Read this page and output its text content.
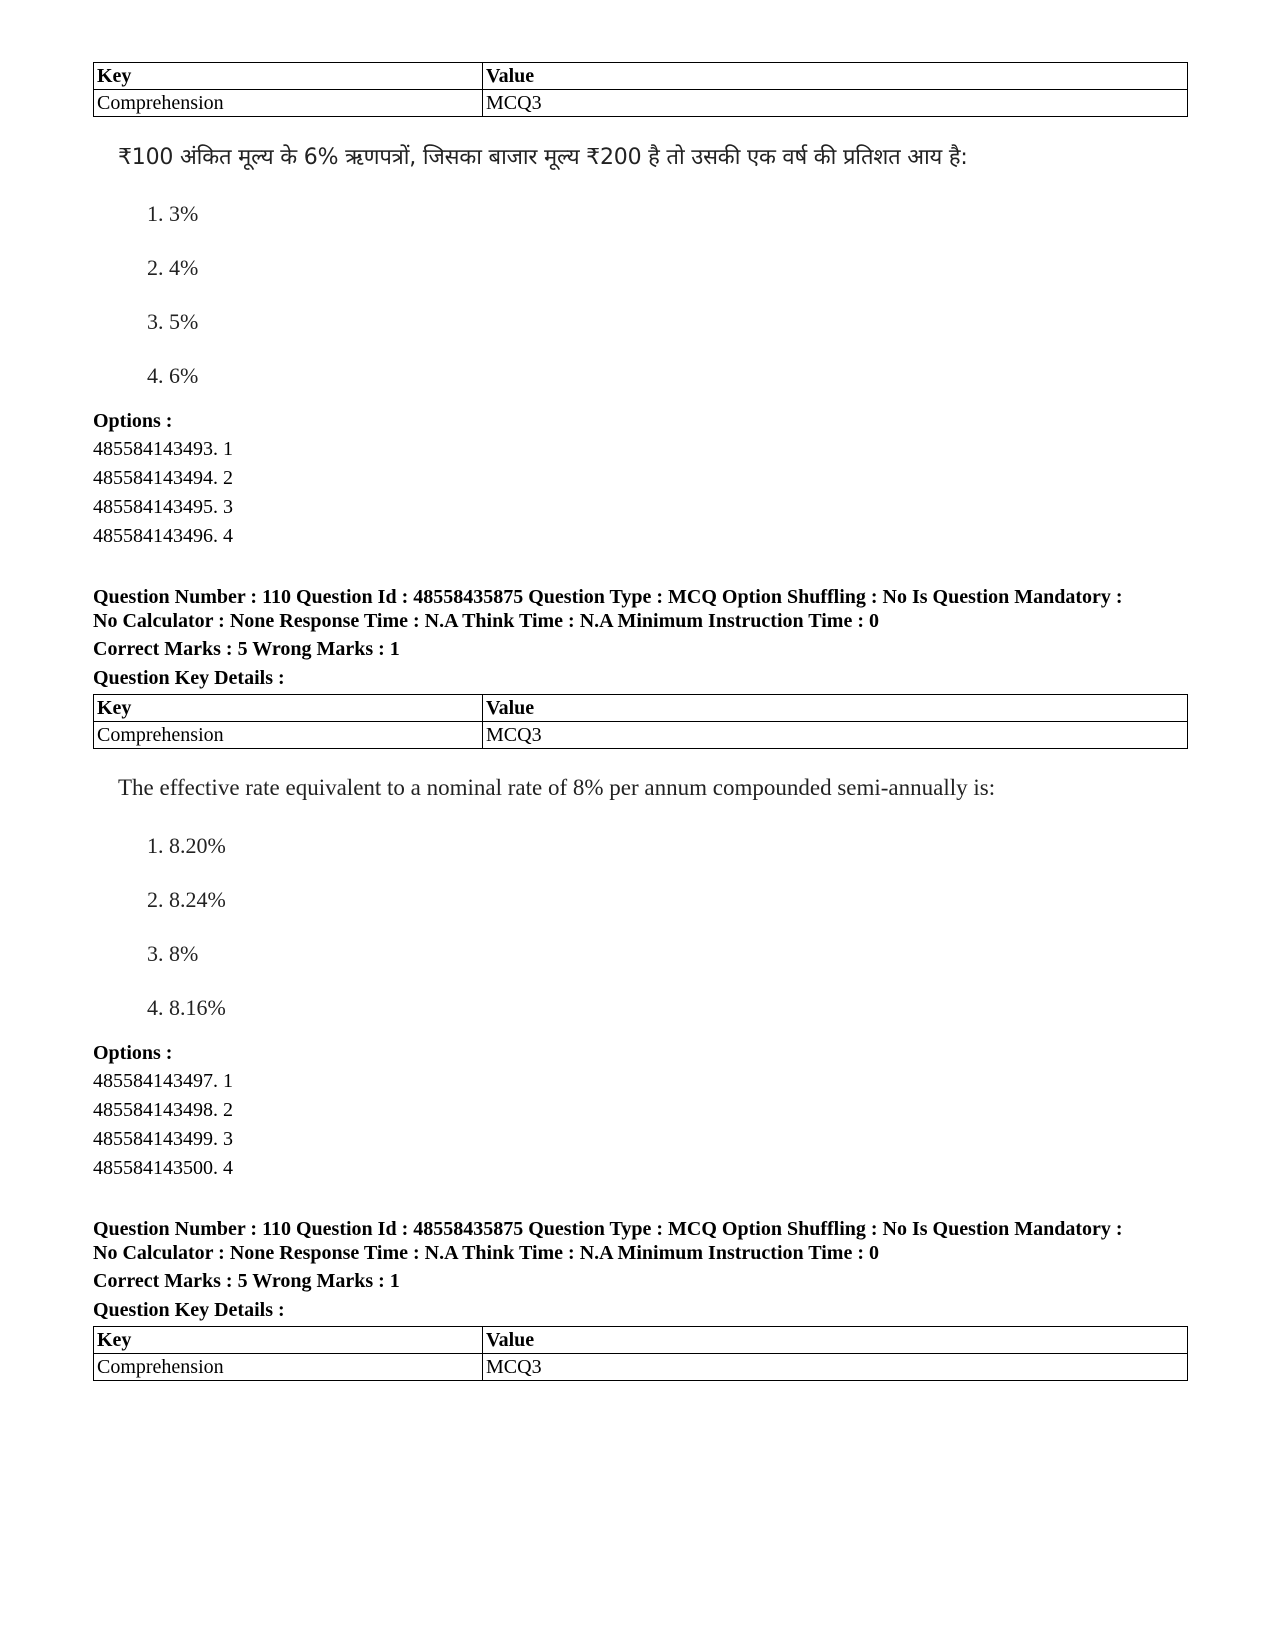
Key	Value
Comprehension	MCQ3
₹100 अंकित मूल्य के 6% ऋणपत्रों, जिसका बाजार मूल्य ₹200 है तो उसकी एक वर्ष की प्रतिशत आय है:
1. 3%
2. 4%
3. 5%
4. 6%
Options :
485584143493. 1
485584143494. 2
485584143495. 3
485584143496. 4
Question Number : 110 Question Id : 48558435875 Question Type : MCQ Option Shuffling : No Is Question Mandatory :
No Calculator : None Response Time : N.A Think Time : N.A Minimum Instruction Time : 0
Correct Marks : 5 Wrong Marks : 1
Question Key Details :
Key	Value
Comprehension	MCQ3
The effective rate equivalent to a nominal rate of 8% per annum compounded semi-annually is:
1. 8.20%
2. 8.24%
3. 8%
4. 8.16%
Options :
485584143497. 1
485584143498. 2
485584143499. 3
485584143500. 4
Question Number : 110 Question Id : 48558435875 Question Type : MCQ Option Shuffling : No Is Question Mandatory :
No Calculator : None Response Time : N.A Think Time : N.A Minimum Instruction Time : 0
Correct Marks : 5 Wrong Marks : 1
Question Key Details :
Key	Value
Comprehension	MCQ3
